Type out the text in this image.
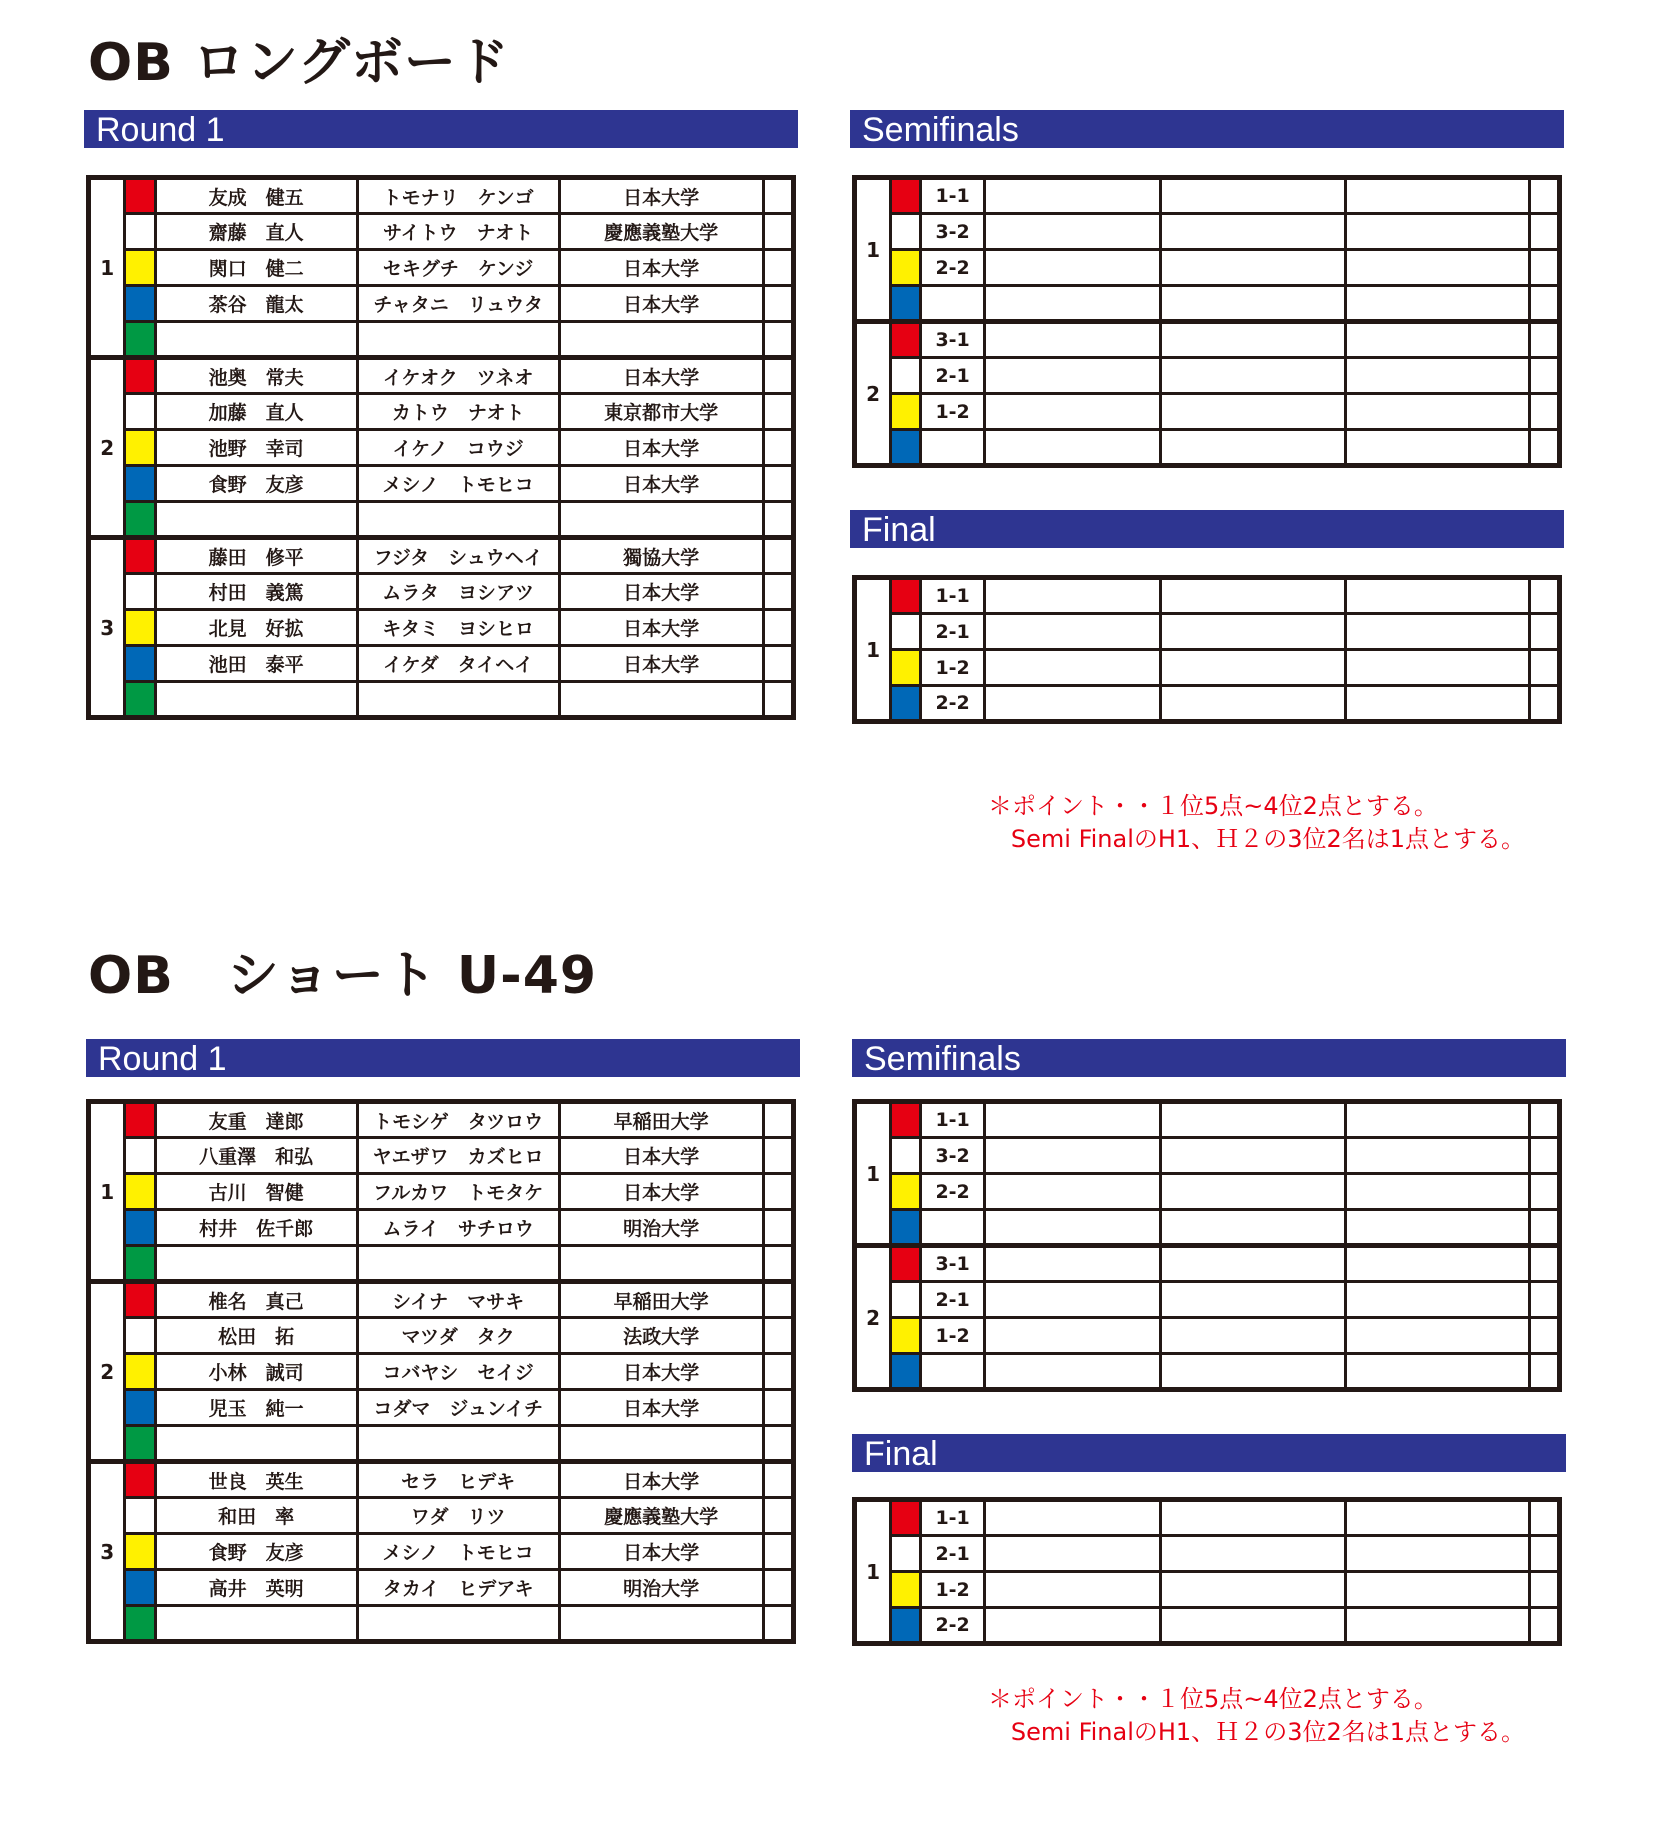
OB ロングボード
Round 1	Semifinals
Final
1		友成　健五	トモナリ　ケンゴ	日本大学	
		齋藤　直人	サイトウ　ナオト	慶應義塾大学	
		関口　健二	セキグチ　ケンジ	日本大学	
		茶谷　龍太	チャタニ　リュウタ	日本大学	

2		池奥　常夫	イケオク　ツネオ	日本大学	
		加藤　直人	カトウ　ナオト	東京都市大学	
		池野　幸司	イケノ　コウジ	日本大学	
		食野　友彦	メシノ　トモヒコ	日本大学	

3		藤田　修平	フジタ　シュウヘイ	獨協大学	
		村田　義篤	ムラタ　ヨシアツ	日本大学	
		北見　好拡	キタミ　ヨシヒロ	日本大学	
		池田　泰平	イケダ　タイヘイ	日本大学	

1		1-1				
		3-2				
		2-2				

2		3-1				
		2-1				
		1-2				

1		1-1				
		2-1				
		1-2				
		2-2				
＊ポイント・・１位5点~4位2点とする。
Semi FinalのH1、Ｈ２の3位2名は1点とする。
OB　ショート U-49
Round 1	Semifinals
Final
1		友重　達郎	トモシゲ　タツロウ	早稲田大学	
		八重澤　和弘	ヤエザワ　カズヒロ	日本大学	
		古川　智健	フルカワ　トモタケ	日本大学	
		村井　佐千郎	ムライ　サチロウ	明治大学	

2		椎名　真己	シイナ　マサキ	早稲田大学	
		松田　拓	マツダ　タク	法政大学	
		小林　誠司	コバヤシ　セイジ	日本大学	
		児玉　純一	コダマ　ジュンイチ	日本大学	

3		世良　英生	セラ　ヒデキ	日本大学	
		和田　率	ワダ　リツ	慶應義塾大学	
		食野　友彦	メシノ　トモヒコ	日本大学	
		高井　英明	タカイ　ヒデアキ	明治大学	

1		1-1				
		3-2				
		2-2				

2		3-1				
		2-1				
		1-2				

1		1-1				
		2-1				
		1-2				
		2-2				
＊ポイント・・１位5点~4位2点とする。
Semi FinalのH1、Ｈ２の3位2名は1点とする。
